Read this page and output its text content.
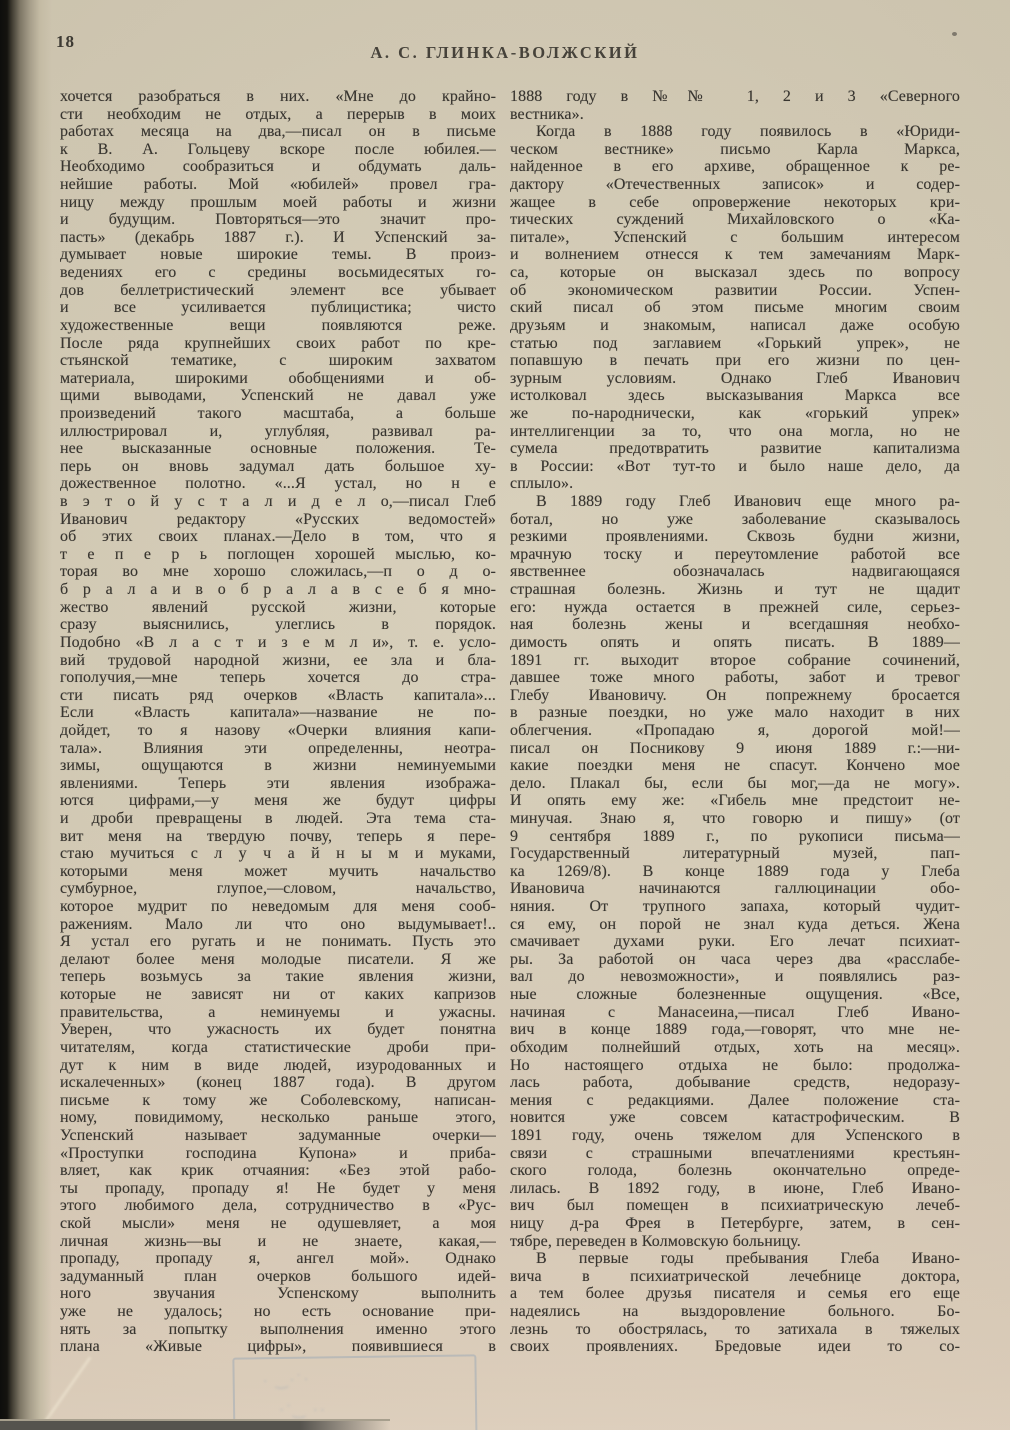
18
А. С. ГЛИНКА-ВОЛЖСКИЙ
хочется разобраться в них. «Мне до крайно-
сти необходим не отдых, а перерыв в моих
работах месяца на два,—писал он в письме
к В. А. Гольцеву вскоре после юбилея.—
Необходимо сообразиться и обдумать даль-
нейшие работы. Мой «юбилей» провел гра-
ницу между прошлым моей работы и жизни
и будущим. Повторяться—это значит про-
пасть» (декабрь 1887 г.). И Успенский за-
думывает новые широкие темы. В произ-
ведениях его с средины восьмидесятых го-
дов беллетристический элемент все убывает
и все усиливается публицистика; чисто
художественные вещи появляются реже.
После ряда крупнейших своих работ по кре-
стьянской тематике, с широким захватом
материала, широкими обобщениями и об-
щими выводами, Успенский не давал уже
произведений такого масштаба, а больше
иллюстрировал и, углубляя, развивал ра-
нее высказанные основные положения. Те-
перь он вновь задумал дать большое ху-
дожественное полотно. «...Я устал, но н е
в э т о й у с т а л и д е л о,—писал Глеб
Иванович редактору «Русских ведомостей»
об этих своих планах.—Дело в том, что я
т е п е р ь поглощен хорошей мыслью, ко-
торая во мне хорошо сложилась,—п о д о-
б р а л а и в о б р а л а в с е б я мно-
жество явлений русской жизни, которые
сразу выяснились, улеглись в порядок.
Подобно «В л а с т и з е м л и», т. е. усло-
вий трудовой народной жизни, ее зла и бла-
гополучия,—мне теперь хочется до стра-
сти писать ряд очерков «Власть капитала»...
Если «Власть капитала»—название не по-
дойдет, то я назову «Очерки влияния капи-
тала». Влияния эти определенны, неотра-
зимы, ощущаются в жизни неминуемыми
явлениями. Теперь эти явления изобража-
ются цифрами,—у меня же будут цифры
и дроби превращены в людей. Эта тема ста-
вит меня на твердую почву, теперь я пере-
стаю мучиться с л у ч а й н ы м и муками,
которыми меня может мучить начальство
сумбурное, глупое,—словом, начальство,
которое мудрит по неведомым для меня сооб-
ражениям. Мало ли что оно выдумывает!..
Я устал его ругать и не понимать. Пусть это
делают более меня молодые писатели. Я же
теперь возьмусь за такие явления жизни,
которые не зависят ни от каких капризов
правительства, а неминуемы и ужасны.
Уверен, что ужасность их будет понятна
читателям, когда статистические дроби при-
дут к ним в виде людей, изуродованных и
искалеченных» (конец 1887 года). В другом
письме к тому же Соболевскому, написан-
ному, повидимому, несколько раньше этого,
Успенский называет задуманные очерки—
«Проступки господина Купона» и приба-
вляет, как крик отчаяния: «Без этой рабо-
ты пропаду, пропаду я! Не будет у меня
этого любимого дела, сотрудничество в «Рус-
ской мысли» меня не одушевляет, а моя
личная жизнь—вы и не знаете, какая,—
пропаду, пропаду я, ангел мой». Однако
задуманный план очерков большого идей-
ного звучания Успенскому выполнить
уже не удалось; но есть основание при-
нять за попытку выполнения именно этого
плана «Живые цифры», появившиеся в
1888 году в №№ 1, 2 и 3 «Северного
вестника».
Когда в 1888 году появилось в «Юриди-
ческом вестнике» письмо Карла Маркса,
найденное в его архиве, обращенное к ре-
дактору «Отечественных записок» и содер-
жащее в себе опровержение некоторых кри-
тических суждений Михайловского о «Ка-
питале», Успенский с большим интересом
и волнением отнесся к тем замечаниям Марк-
са, которые он высказал здесь по вопросу
об экономическом развитии России. Успен-
ский писал об этом письме многим своим
друзьям и знакомым, написал даже особую
статью под заглавием «Горький упрек», не
попавшую в печать при его жизни по цен-
зурным условиям. Однако Глеб Иванович
истолковал здесь высказывания Маркса все
же по-народнически, как «горький упрек»
интеллигенции за то, что она могла, но не
сумела предотвратить развитие капитализма
в России: «Вот тут-то и было наше дело, да
сплыло».
В 1889 году Глеб Иванович еще много ра-
ботал, но уже заболевание сказывалось
резкими проявлениями. Сквозь будни жизни,
мрачную тоску и переутомление работой все
явственнее обозначалась надвигающаяся
страшная болезнь. Жизнь и тут не щадит
его: нужда остается в прежней силе, серьез-
ная болезнь жены и всегдашняя необхо-
димость опять и опять писать. В 1889—
1891 гг. выходит второе собрание сочинений,
давшее тоже много работы, забот и тревог
Глебу Ивановичу. Он попрежнему бросается
в разные поездки, но уже мало находит в них
облегчения. «Пропадаю я, дорогой мой!—
писал он Посникову 9 июня 1889 г.:—ни-
какие поездки меня не спасут. Кончено мое
дело. Плакал бы, если бы мог,—да не могу».
И опять ему же: «Гибель мне предстоит не-
минучая. Знаю я, что говорю и пишу» (от
9 сентября 1889 г., по рукописи письма—
Государственный литературный музей, пап-
ка 1269/8). В конце 1889 года у Глеба
Ивановича начинаются галлюцинации обо-
няния. От трупного запаха, который чудит-
ся ему, он порой не знал куда деться. Жена
смачивает духами руки. Его лечат психиат-
ры. За работой он часа через два «расслабе-
вал до невозможности», и появлялись раз-
ные сложные болезненные ощущения. «Все,
начиная с Манасеина,—писал Глеб Ивано-
вич в конце 1889 года,—говорят, что мне не-
обходим полнейший отдых, хоть на месяц».
Но настоящего отдыха не было: продолжа-
лась работа, добывание средств, недоразу-
мения с редакциями. Далее положение ста-
новится уже совсем катастрофическим. В
1891 году, очень тяжелом для Успенского в
связи с страшными впечатлениями крестьян-
ского голода, болезнь окончательно опреде-
лилась. В 1892 году, в июне, Глеб Ивано-
вич был помещен в психиатрическую лечеб-
ницу д-ра Фрея в Петербурге, затем, в сен-
тябре, переведен в Колмовскую больницу.
В первые годы пребывания Глеба Ивано-
вича в психиатрической лечебнице доктора,
а тем более друзья писателя и семья его еще
надеялись на выздоровление больного. Бо-
лезнь то обострялась, то затихала в тяжелых
своих проявлениях. Бредовые идеи то со-
· ‿·˙·
·˙‿ ··
